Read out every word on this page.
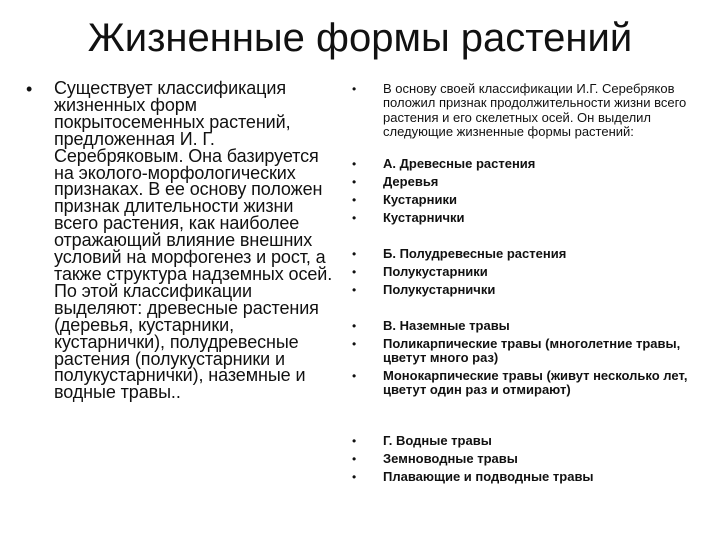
Жизненные формы растений
• Существует классификация жизненных форм покрытосеменных растений, предложенная И. Г. Серебряковым. Она базируется на эколого-морфологических признаках. В ее основу положен признак длительности жизни всего растения, как наиболее отражающий влияние внешних условий на морфогенез и рост, а также структура надземных осей. По этой классификации выделяют: древесные растения (деревья, кустарники, кустарнички), полудревесные растения (полукустарники и полукустарнички), наземные и водные травы..
•	В основу своей классификации И.Г. Серебряков положил признак продолжительности жизни всего растения и его скелетных осей. Он выделил следующие жизненные формы растений:
•	А. Древесные растения
•	Деревья
•	Кустарники
•	Кустарнички
•	Б. Полудревесные растения
•	Полукустарники
•	Полукустарнички
•	В. Наземные травы
•	Поликарпические травы (многолетние травы, цветут много раз)
•	Монокарпические травы (живут несколько лет, цветут один раз и отмирают)
•	Г. Водные травы
•	Земноводные травы
•	Плавающие и подводные травы
